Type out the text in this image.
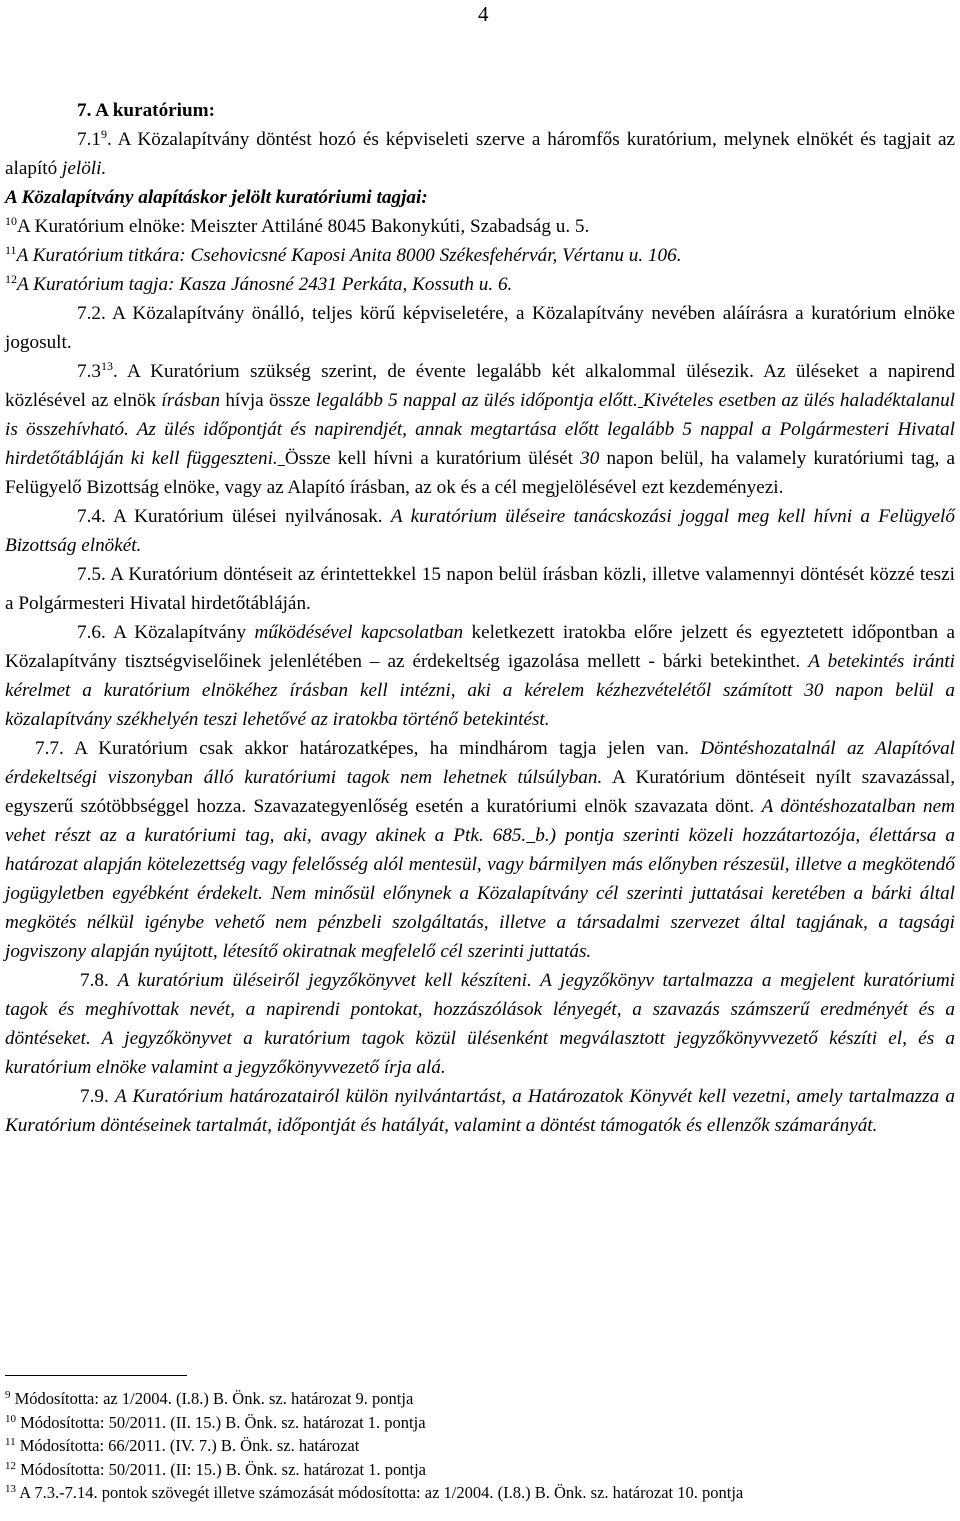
4

7. A kuratórium:

$7.1^9$. A Közalapítvány döntést hozó és képviseleti szerve a háromfős kuratórium, melynek elnökét és tagjait az alapító jelöli.

A Közalapítvány alapításkor jelölt kuratóriumi tagjai:

$^{10}$A Kuratórium elnöke: Meiszter Attiláné 8045 Bakonykúti, Szabadság u. 5.

$^{11}$A Kuratórium titkára: Csehovicsné Kaposi Anita 8000 Székesfehérvár, Vértanu u. 106.

$^{12}$A Kuratórium tagja: Kasza Jánosné 2431 Perkáta, Kossuth u. 6.

7.2. A Közalapítvány önálló, teljes körű képviseletére, a Közalapítvány nevében aláírásra a kuratórium elnöke jogosult.

$7.3^{13}$. A Kuratórium szükség szerint, de évente legalább két alkalommal ülésezik. Az üléseket a napirend közlésével az elnök írásban hívja össze legalább 5 nappal az ülés időpontja előtt. Kivételes esetben az ülés haladéktalanul is összehívható. Az ülés időpontját és napirendjét, annak megtartása előtt legalább 5 nappal a Polgármesteri Hivatal hirdetőtábláján ki kell függeszteni. Össze kell hívni a kuratórium ülését 30 napon belül, ha valamely kuratóriumi tag, a Felügyelő Bizottság elnöke, vagy az Alapító írásban, az ok és a cél megjelölésével ezt kezdeményezi.

7.4. A Kuratórium ülései nyilvánosak. A kuratórium üléseire tanácskozási joggal meg kell hívni a Felügyelő Bizottság elnökét.

7.5. A Kuratórium döntéseit az érintettekkel 15 napon belül írásban közli, illetve valamennyi döntését közzé teszi a Polgármesteri Hivatal hirdetőtábláján.

7.6. A Közalapítvány működésével kapcsolatban keletkezett iratokba előre jelzett és egyeztetett időpontban a Közalapítvány tisztségviselőinek jelenlétében – az érdekeltség igazolása mellett - bárki betekinthet. A betekintés iránti kérelmet a kuratórium elnökéhez írásban kell intézni, aki a kérelem kézhezvételétől számított 30 napon belül a közalapítvány székhelyén teszi lehetővé az iratokba történő betekintést.

7.7. A Kuratórium csak akkor határozatképes, ha mindhárom tagja jelen van. Döntéshozatalnál az Alapítóval érdekeltségi viszonyban álló kuratóriumi tagok nem lehetnek túlsúlyban. A Kuratórium döntéseit nyílt szavazással, egyszerű szótöbbséggel hozza. Szavazategyenlőség esetén a kuratóriumi elnök szavazata dönt. A döntéshozatalban nem vehet részt az a kuratóriumi tag, aki, avagy akinek a Ptk. 685. b.) pontja szerinti közeli hozzátartozója, élettársa a határozat alapján kötelezettség vagy felelősség alól mentesül, vagy bármilyen más előnyben részesül, illetve a megkötendő jogügyletben egyébként érdekelt. Nem minősül előnynek a Közalapítvány cél szerinti juttatásai keretében a bárki által megkötés nélkül igénybe vehető nem pénzbeli szolgáltatás, illetve a társadalmi szervezet által tagjának, a tagsági jogviszony alapján nyújtott, létesítő okiratnak megfelelő cél szerinti juttatás.

7.8. A kuratórium üléseiről jegyzőkönyvet kell készíteni. A jegyzőkönyv tartalmazza a megjelent kuratóriumi tagok és meghívottak nevét, a napirendi pontokat, hozzászólások lényegét, a szavazás számszerű eredményét és a döntéseket. A jegyzőkönyvet a kuratórium tagok közül ülésenként megválasztott jegyzőkönyvvezető készíti el, és a kuratórium elnöke valamint a jegyzőkönyvvezető írja alá.

7.9. A Kuratórium határozatairól külön nyilvántartást, a Határozatok Könyvét kell vezetni, amely tartalmazza a Kuratórium döntéseinek tartalmát, időpontját és hatályát, valamint a döntést támogatók és ellenzők számarányát.

$^9$ Módosította: az 1/2004. (I.8.) B. Önk. sz. határozat 9. pontja

$^{10}$ Módosította: 50/2011. (II. 15.) B. Önk. sz. határozat 1. pontja

$^{11}$ Módosította: 66/2011. (IV. 7.) B. Önk. sz. határozat

$^{12}$ Módosította: 50/2011. (II: 15.) B. Önk. sz. határozat 1. pontja

$^{13}$ A 7.3.-7.14. pontok szövegét illetve számozását módosította: az 1/2004. (I.8.) B. Önk. sz. határozat 10. pontja
